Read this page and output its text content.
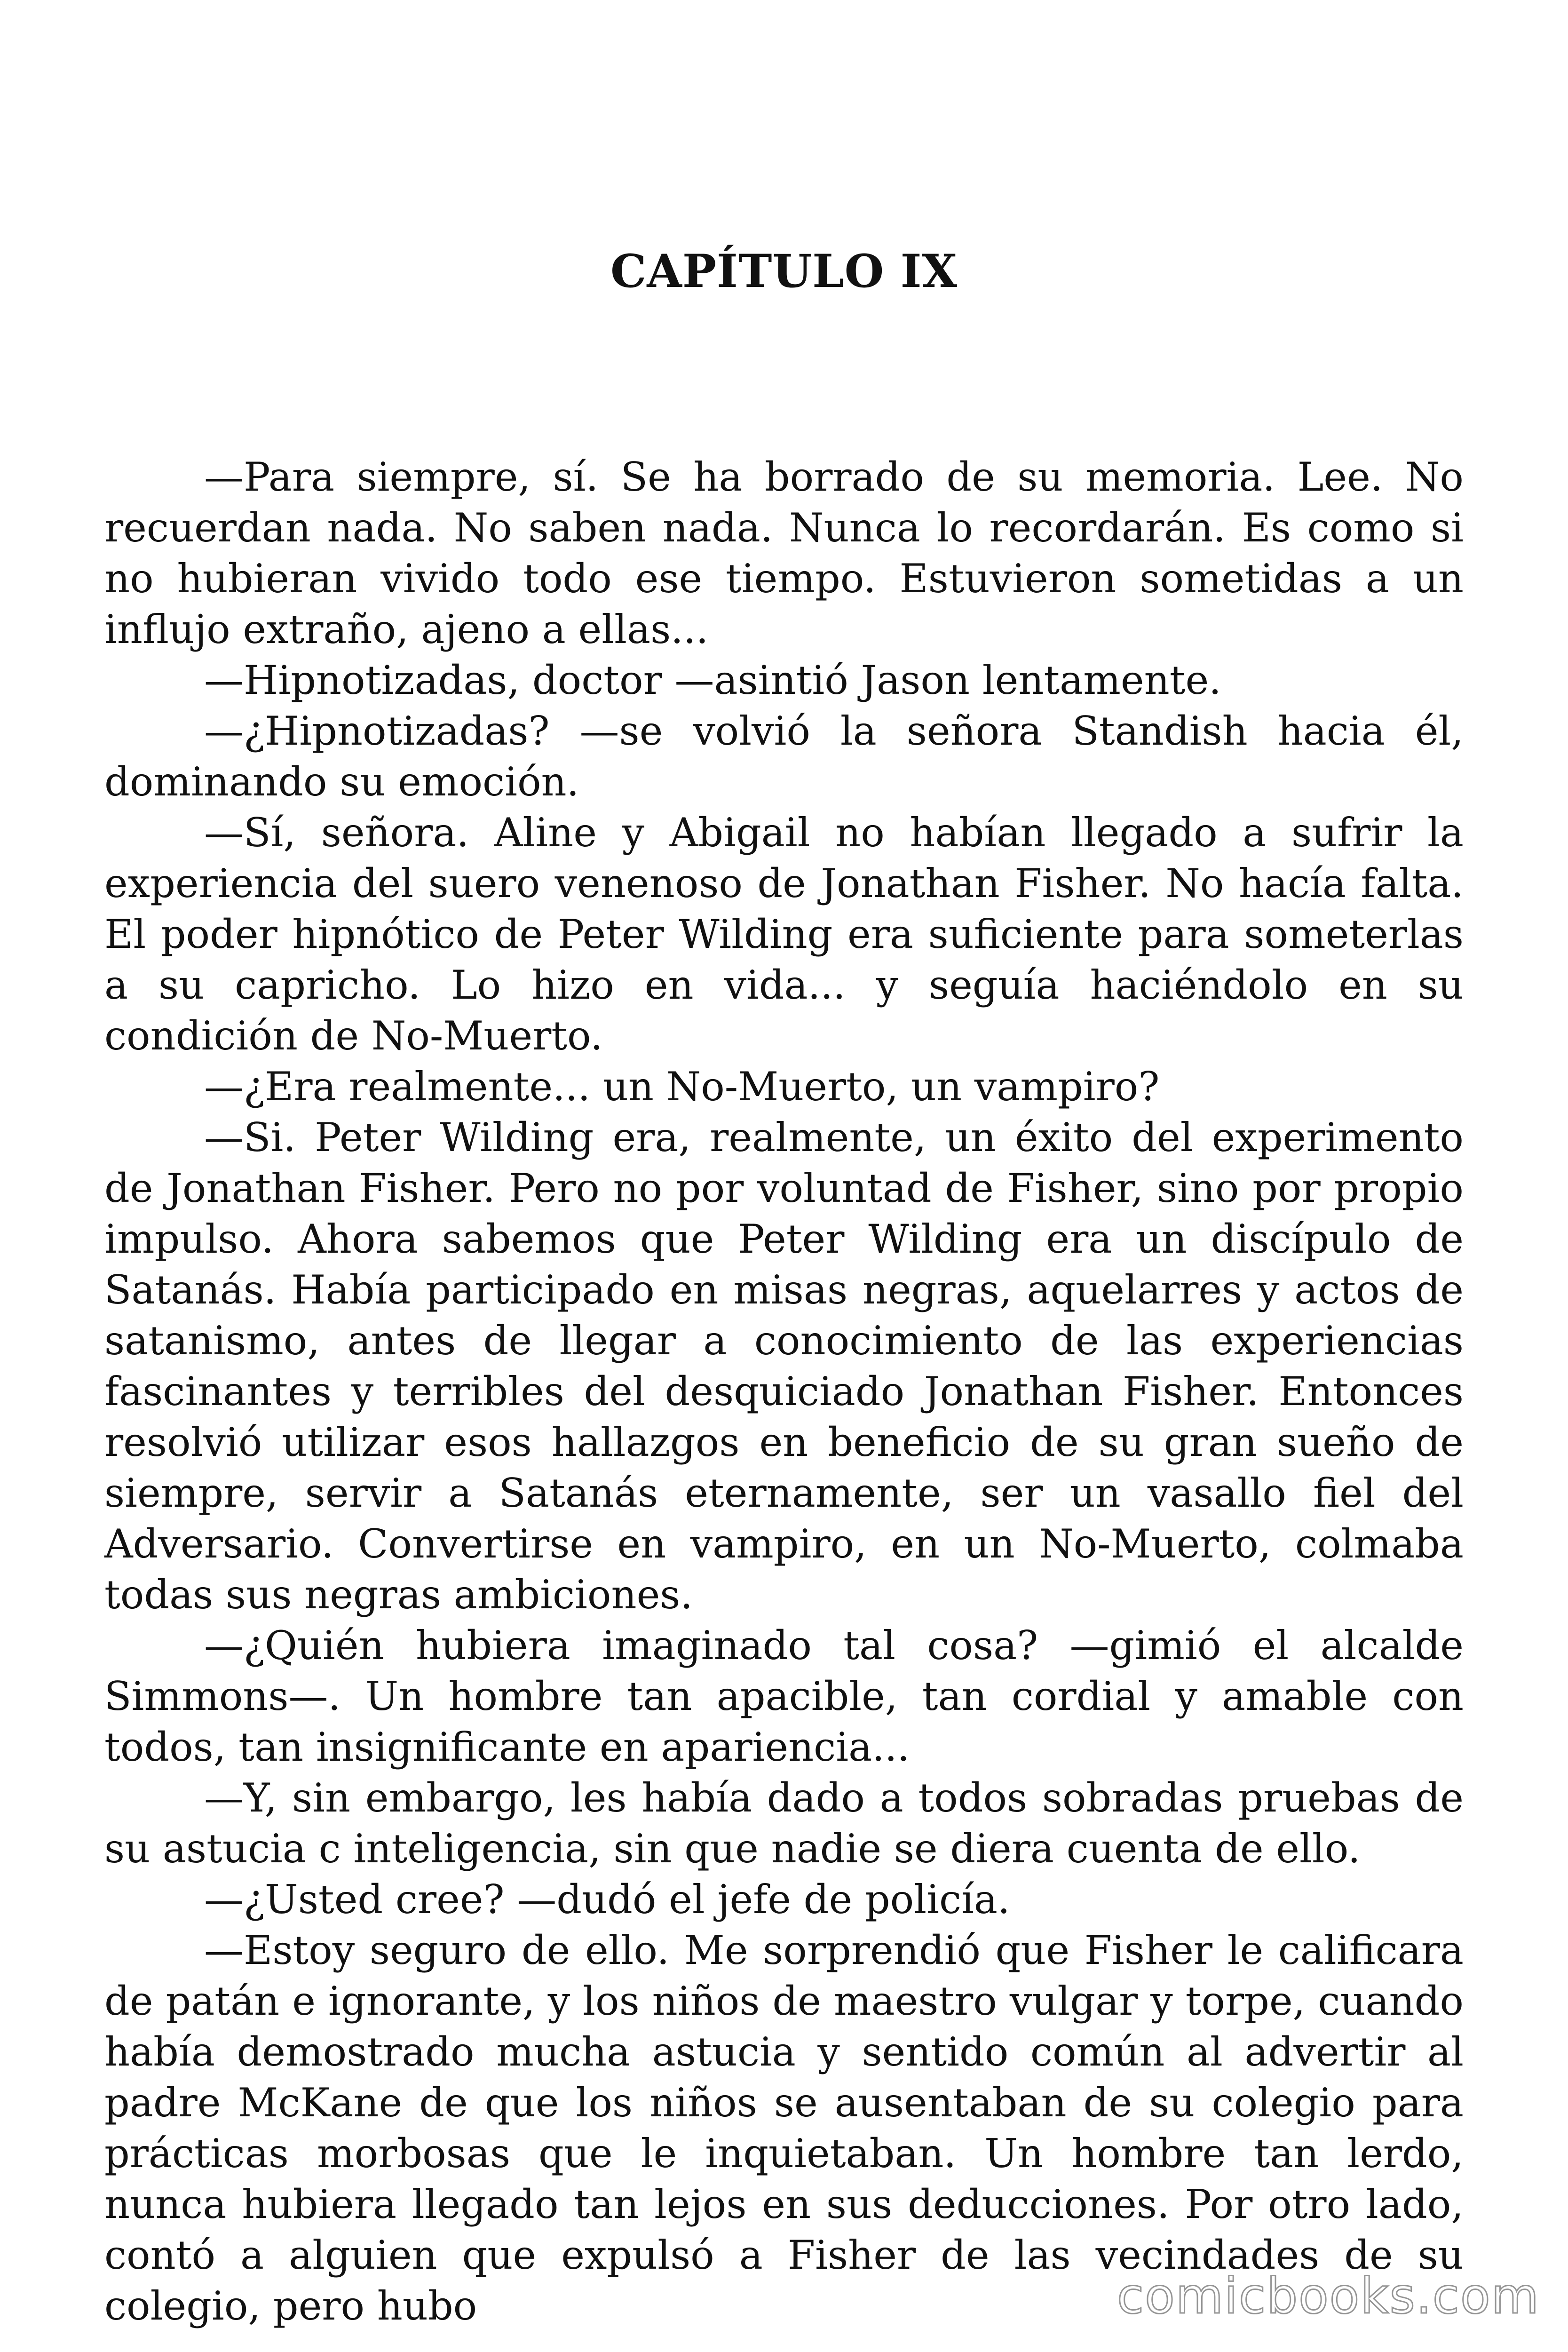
CAPÍTULO IX

—Para siempre, sí. Se ha borrado de su memoria. Lee. No recuerdan nada. No saben nada. Nunca lo recordarán. Es como si no hubieran vivido todo ese tiempo. Estuvieron sometidas a un influjo extraño, ajeno a ellas...

—Hipnotizadas, doctor —asintió Jason lentamente.

—¿Hipnotizadas? —se volvió la señora Standish hacia él, dominando su emoción.

—Sí, señora. Aline y Abigail no habían llegado a sufrir la experiencia del suero venenoso de Jonathan Fisher. No hacía falta. El poder hipnótico de Peter Wilding era suficiente para someterlas a su capricho. Lo hizo en vida... y seguía haciéndolo en su condición de No-Muerto.

—¿Era realmente... un No-Muerto, un vampiro?

—Si. Peter Wilding era, realmente, un éxito del experimento de Jonathan Fisher. Pero no por voluntad de Fisher, sino por propio impulso. Ahora sabemos que Peter Wilding era un discípulo de Satanás. Había participado en misas negras, aquelarres y actos de satanismo, antes de llegar a conocimiento de las experiencias fascinantes y terribles del desquiciado Jonathan Fisher. Entonces resolvió utilizar esos hallazgos en beneficio de su gran sueño de siempre, servir a Satanás eternamente, ser un vasallo fiel del Adversario. Convertirse en vampiro, en un No-Muerto, colmaba todas sus negras ambiciones.

—¿Quién hubiera imaginado tal cosa? —gimió el alcalde Simmons—. Un hombre tan apacible, tan cordial y amable con todos, tan insignificante en apariencia...

—Y, sin embargo, les había dado a todos sobradas pruebas de su astucia c inteligencia, sin que nadie se diera cuenta de ello.

—¿Usted cree? —dudó el jefe de policía.

—Estoy seguro de ello. Me sorprendió que Fisher le calificara de patán e ignorante, y los niños de maestro vulgar y torpe, cuando había demostrado mucha astucia y sentido común al advertir al padre McKane de que los niños se ausentaban de su colegio para prácticas morbosas que le inquietaban. Un hombre tan lerdo, nunca hubiera llegado tan lejos en sus deducciones. Por otro lado, contó a alguien que expulsó a Fisher de las vecindades de su colegio, pero hubo	comicbooks.com
